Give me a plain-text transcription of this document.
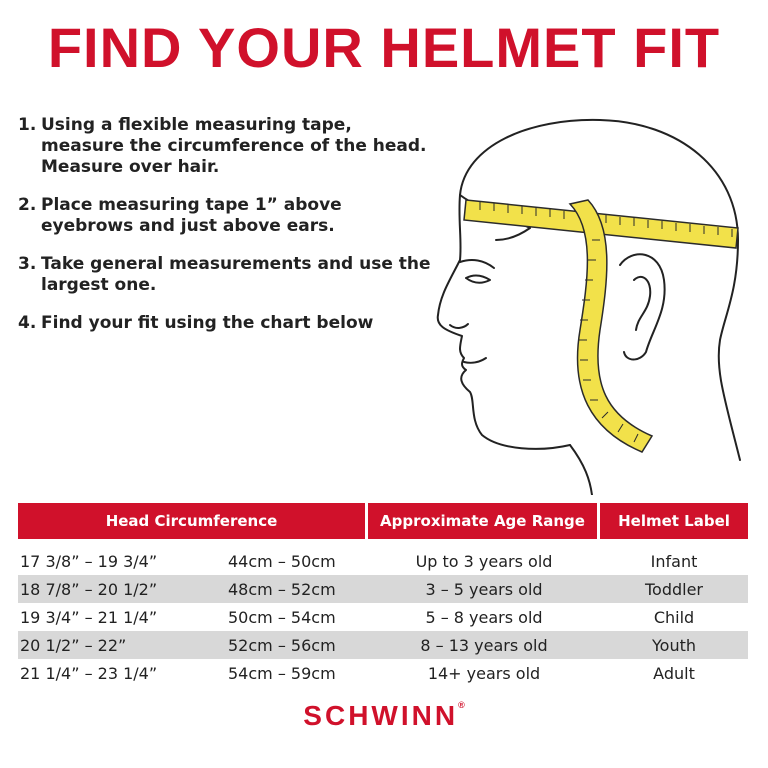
FIND YOUR HELMET FIT
1. Using a flexible measuring tape, measure the circumference of the head. Measure over hair.
2. Place measuring tape 1” above eyebrows and just above ears.
3. Take general measurements and use the largest one.
4. Find your fit using the chart below
Head Circumference	Approximate Age Range	Helmet Label
17 3/8” – 19 3/4”	44cm – 50cm	Up to 3 years old	Infant
18 7/8” – 20 1/2”	48cm – 52cm	3 – 5 years old	Toddler
19 3/4” – 21 1/4”	50cm – 54cm	5 – 8 years old	Child
20 1/2” – 22”	52cm – 56cm	8 – 13 years old	Youth
21 1/4” – 23 1/4”	54cm – 59cm	14+ years old	Adult
SCHWINN®
